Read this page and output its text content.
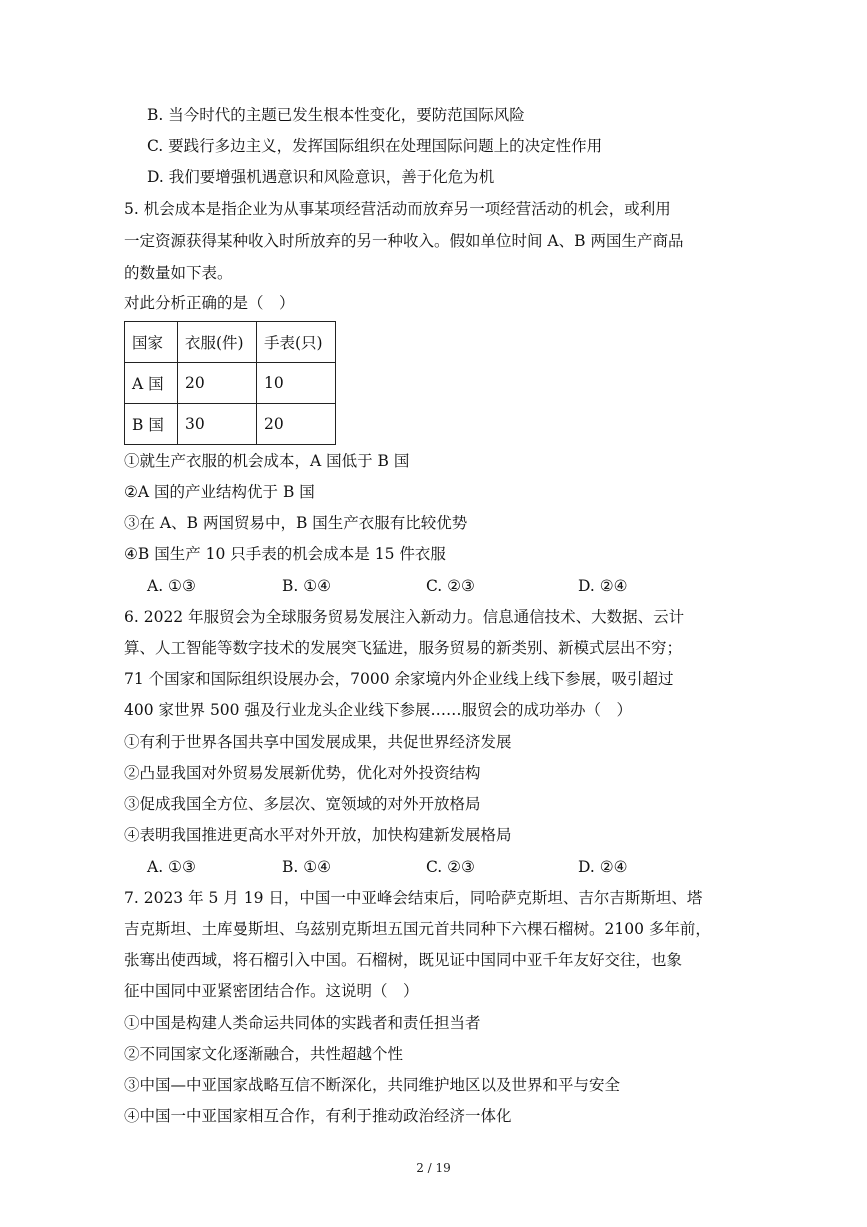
B. 当今时代的主题已发生根本性变化，要防范国际风险
C. 要践行多边主义，发挥国际组织在处理国际问题上的决定性作用
D. 我们要增强机遇意识和风险意识，善于化危为机
5. 机会成本是指企业为从事某项经营活动而放弃另一项经营活动的机会，或利用
一定资源获得某种收入时所放弃的另一种收入。假如单位时间 A、B 两国生产商品
的数量如下表。
对此分析正确的是（　）
国家	衣服(件)	手表(只)
A 国	20	10
B 国	30	20
①就生产衣服的机会成本，A 国低于 B 国
②A 国的产业结构优于 B 国
③在 A、B 两国贸易中，B 国生产衣服有比较优势
④B 国生产 10 只手表的机会成本是 15 件衣服
A. ①③	B. ①④	C. ②③	D. ②④
6. 2022 年服贸会为全球服务贸易发展注入新动力。信息通信技术、大数据、云计
算、人工智能等数字技术的发展突飞猛进，服务贸易的新类别、新模式层出不穷；
71 个国家和国际组织设展办会，7000 余家境内外企业线上线下参展，吸引超过
400 家世界 500 强及行业龙头企业线下参展……服贸会的成功举办（　）
①有利于世界各国共享中国发展成果，共促世界经济发展
②凸显我国对外贸易发展新优势，优化对外投资结构
③促成我国全方位、多层次、宽领域的对外开放格局
④表明我国推进更高水平对外开放，加快构建新发展格局
A. ①③	B. ①④	C. ②③	D. ②④
7. 2023 年 5 月 19 日，中国一中亚峰会结束后，同哈萨克斯坦、吉尔吉斯斯坦、塔
吉克斯坦、土库曼斯坦、乌兹别克斯坦五国元首共同种下六棵石榴树。2100 多年前，
张骞出使西域，将石榴引入中国。石榴树，既见证中国同中亚千年友好交往，也象
征中国同中亚紧密团结合作。这说明（　）
①中国是构建人类命运共同体的实践者和责任担当者
②不同国家文化逐渐融合，共性超越个性
③中国—中亚国家战略互信不断深化，共同维护地区以及世界和平与安全
④中国一中亚国家相互合作，有利于推动政治经济一体化
2 / 19
